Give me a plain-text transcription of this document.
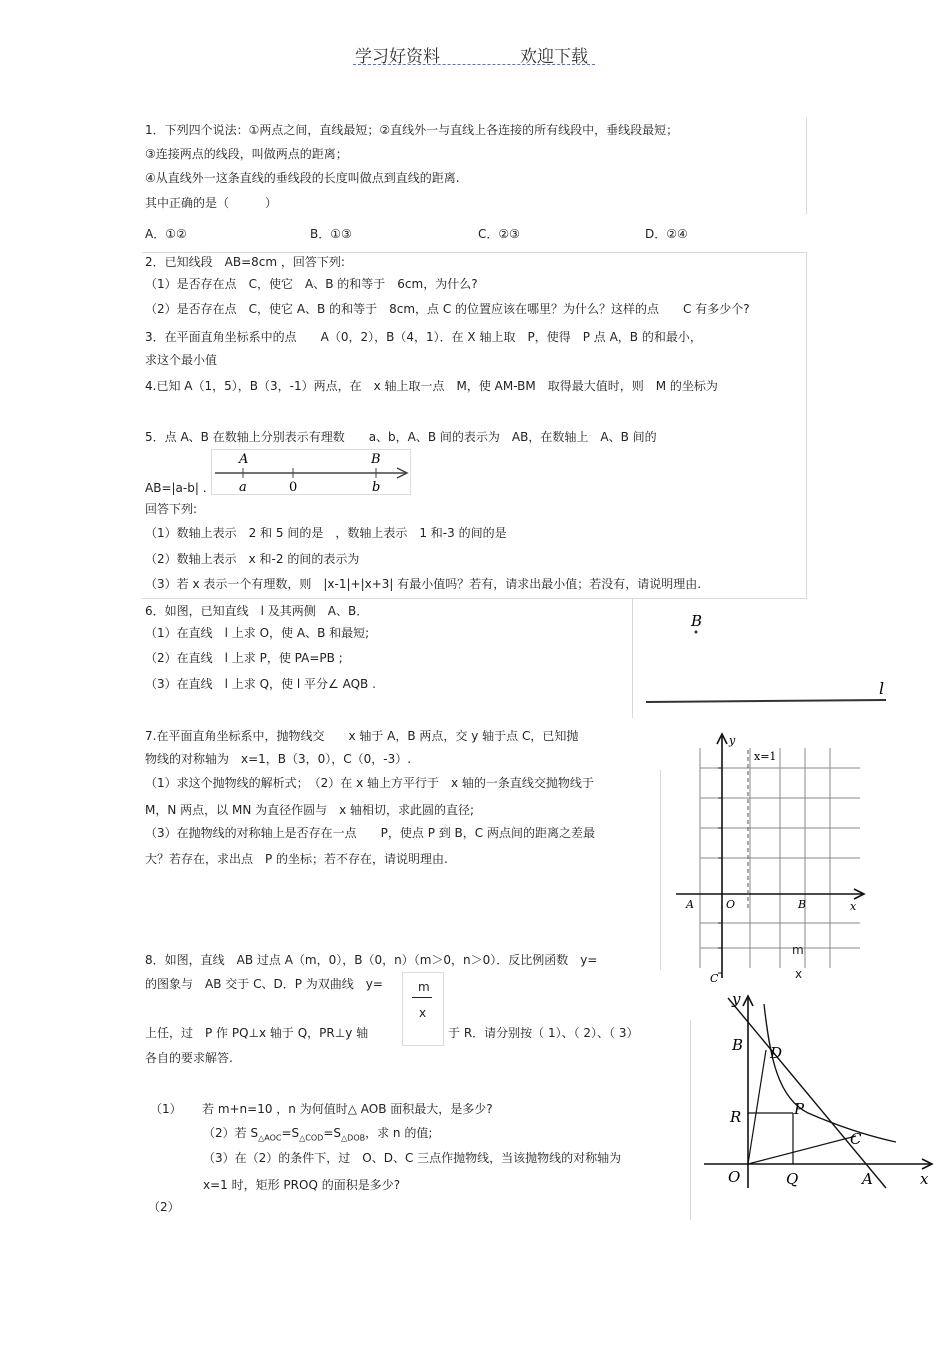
学习好资料	欢迎下载
1．下列四个说法：①两点之间，直线最短；②直线外一与直线上各连接的所有线段中，垂线段最短；
③连接两点的线段，叫做两点的距离；
④从直线外一这条直线的垂线段的长度叫做点到直线的距离.
其中正确的是（　　　）
A．①②	B．①③	C．②③	D．②④
2．已知线段　AB=8cm ，回答下列:
（1）是否存在点　C，使它　A、B 的和等于　6cm，为什么?
（2）是否存在点　C，使它 A、B 的和等于　8cm，点 C 的位置应该在哪里？为什么？这样的点　　C 有多少个?
3．在平面直角坐标系中的点　　A（0，2），B（4，1）．在 X 轴上取　P，使得　P 点 A，B 的和最小，
求这个最小值
4.已知 A（1，5），B（3，-1）两点，在　x 轴上取一点　M，使 AM-BM　取得最大值时，则　M 的坐标为
5．点 A、B 在数轴上分别表示有理数　　a、b，A、B 间的表示为　AB，在数轴上　A、B 间的
A	B
a	0	b
AB=|a-b| .
回答下列:
（1）数轴上表示　2 和 5 间的是　，数轴上表示　1 和-3 的间的是
（2）数轴上表示　x 和-2 的间的表示为
（3）若 x 表示一个有理数，则　|x-1|+|x+3| 有最小值吗？若有，请求出最小值；若没有，请说明理由.
6．如图，已知直线　l 及其两侧　A、B．
（1）在直线　l 上求 O，使 A、B 和最短;
（2）在直线　l 上求 P，使 PA=PB ;
（3）在直线　l 上求 Q，使 l 平分∠ AQB .
B
l
7.在平面直角坐标系中，抛物线交　　x 轴于 A，B 两点，交 y 轴于点 C，已知抛
物线的对称轴为　x=1，B（3，0），C（0，-3）.
（1）求这个抛物线的解析式；　（2）在 x 轴上方平行于　x 轴的一条直线交抛物线于
M，N 两点，以 MN 为直径作圆与　x 轴相切，求此圆的直径;
（3）在抛物线的对称轴上是否存在一点　　P，使点 P 到 B，C 两点间的距离之差最
大？若存在，求出点　P 的坐标；若不存在，请说明理由.
y
x=1
A	O	B	x
C
8．如图，直线　AB 过点 A（m，0），B（0，n）（m＞0，n＞0）．反比例函数　y=
m
x
的图象与　AB 交于 C、D．P 为双曲线　y=	m
x
上任，过　P 作 PQ⊥x 轴于 Q，PR⊥y 轴	于 R．请分别按（ 1）、（ 2）、（ 3）
各自的要求解答.
（1） 若 m+n=10 ，n 为何值时△ AOB 面积最大，是多少?
（2）若 $S_{\triangle AOC}=S_{\triangle COD}=S_{\triangle DOB}$，求 n 的值;
（3）在（2）的条件下，过　O、D、C 三点作抛物线，当该抛物线的对称轴为
x=1 时，矩形 PROQ 的面积是多少?
（2）
y
B D
R	P
C
O	Q	A	x
